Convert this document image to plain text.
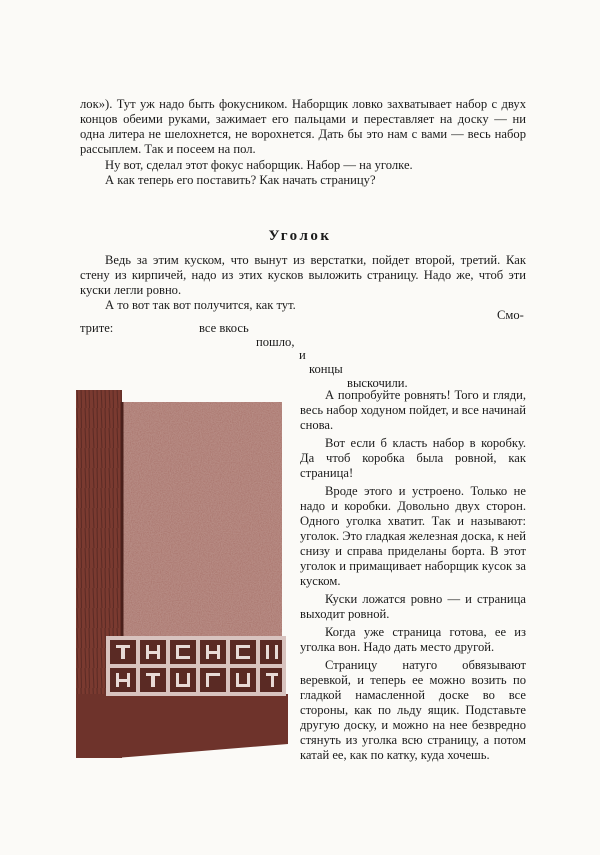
лок»). Тут уж надо быть фокусником. Наборщик ловко захватывает набор с двух концов обеими руками, зажимает его пальцами и переставляет на доску — ни одна литера не шелохнется, не ворохнется. Дать бы это нам с вами — весь набор рассыплем. Так и посеем на пол.

Ну вот, сделал этот фокус наборщик. Набор — на уголке.

А как теперь его поставить? Как начать страницу?

Уголок

Ведь за этим куском, что вынут из верстатки, пойдет второй, третий. Как стену из кирпичей, надо из этих кусков выложить страницу. Надо же, чтоб эти куски легли ровно.

А то вот так вот получится, как тут.

Смо-
трите:	все вкось
пошло,
и
концы
выскочили.

А попробуйте ровнять! Того и гляди, весь набор ходуном пойдет, и все начинай снова.

Вот если б класть набор в коробку. Да чтоб коробка была ровной, как страница!

Вроде этого и устроено. Только не надо и коробки. Довольно двух сторон. Одного уголка хватит. Так и называют: уголок. Это гладкая железная доска, к ней снизу и справа приделаны борта. В этот уголок и примащивает наборщик кусок за куском.

Куски ложатся ровно — и страница выходит ровной.

Когда уже страница готова, ее из уголка вон. Надо дать место другой.

Страницу натуго обвязывают веревкой, и теперь ее можно возить по гладкой намасленной доске во все стороны, как по льду ящик. Подставьте другую доску, и можно на нее безвредно стянуть из уголка всю страницу, а потом катай ее, как по катку, куда хочешь.
